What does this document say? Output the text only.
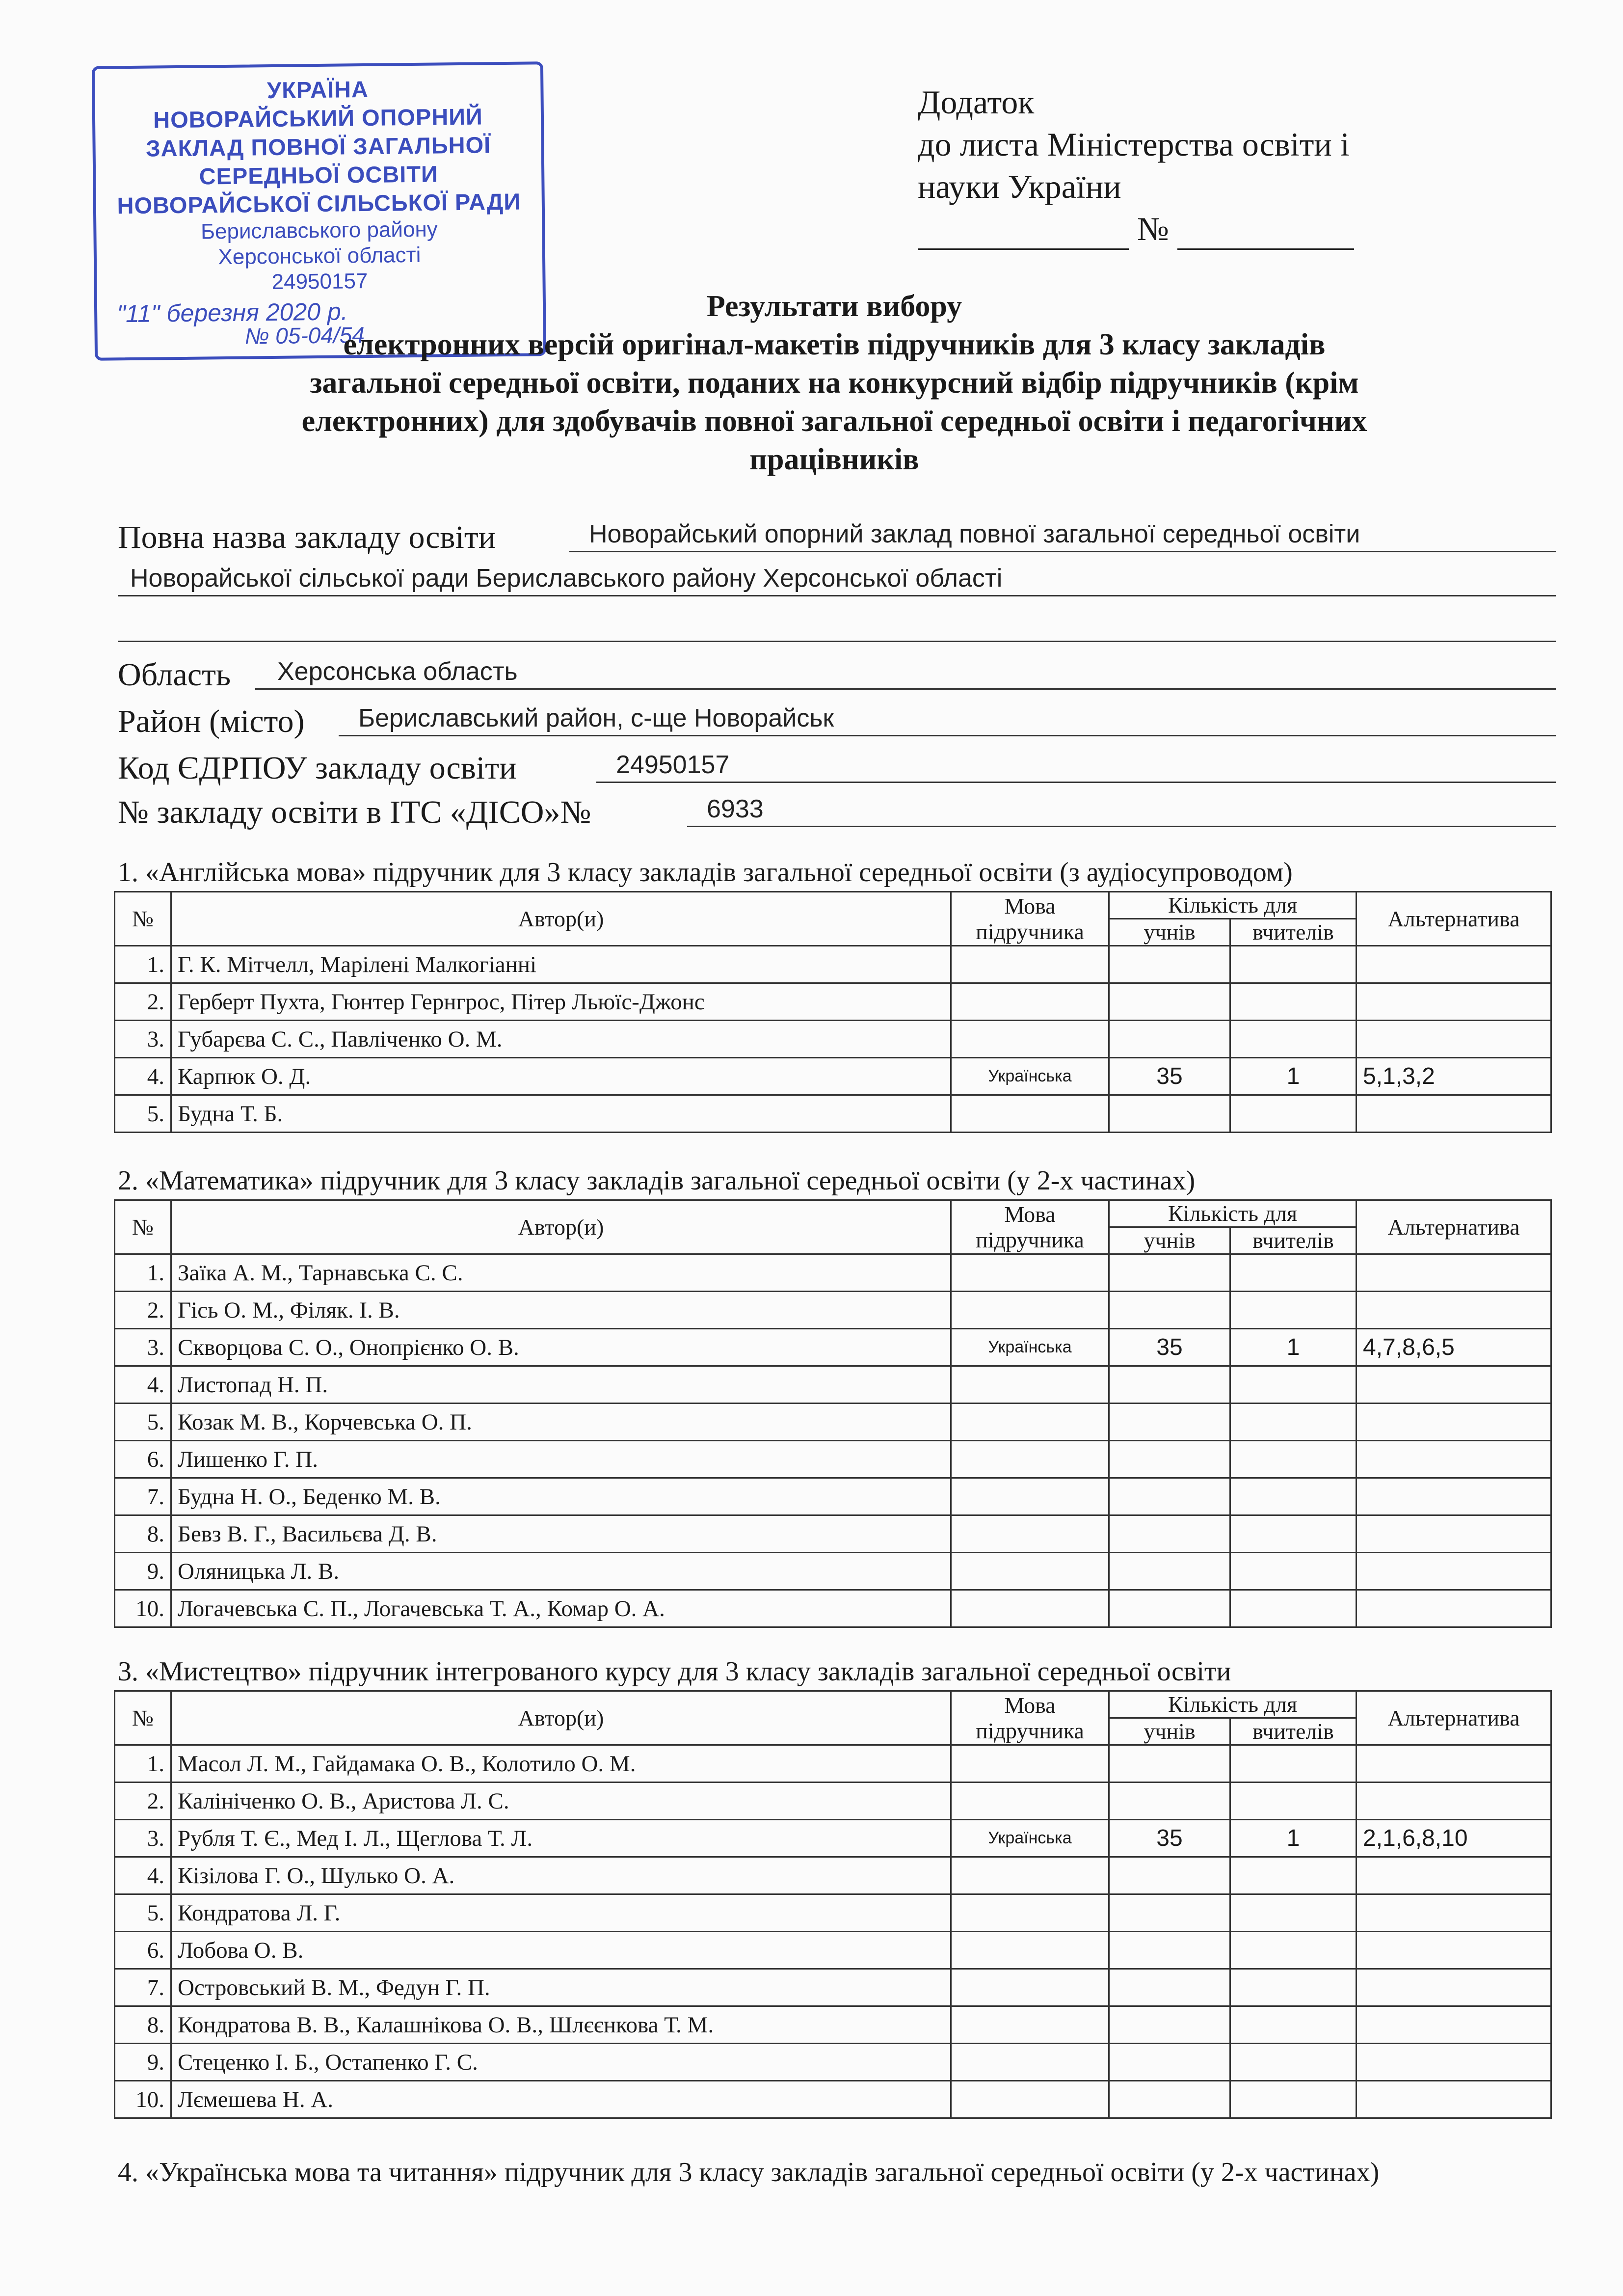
УКРАЇНА
НОВОРАЙСЬКИЙ ОПОРНИЙ
ЗАКЛАД ПОВНОЇ ЗАГАЛЬНОЇ
СЕРЕДНЬОЇ ОСВІТИ
НОВОРАЙСЬКОЇ СІЛЬСЬКОЇ РАДИ
Бериславського району
Херсонської області
24950157
"11" березня 2020 р.
№ 05-04/54
Додаток
до листа Міністерства освіти і
науки України
№
Результати вибору
електронних версій оригінал-макетів підручників для 3 класу закладів
загальної середньої освіти, поданих на конкурсний відбір підручників (крім
електронних) для здобувачів повної загальної середньої освіти і педагогічних
працівників
Повна назва закладу освіти	Новорайський опорний заклад повної загальної середньої освіти
Новорайської сільської ради Бериславського району Херсонської області
Область Херсонська область
Район (місто) Бериславський район, с-ще Новорайськ
Код ЄДРПОУ закладу освіти	24950157
№ закладу освіти в ІТС «ДІСО»№	6933
1. «Англійська мова» підручник для 3 класу закладів загальної середньої освіти (з аудіосупроводом)
№	Автор(и)	Мова
підручника	Кількість для		Альтернатива
			учнів	вчителів	
1.	Г. К. Мітчелл, Марілені Малкогіанні				
2.	Герберт Пухта, Гюнтер Гернгрос, Пітер Льюїс-Джонс				
3.	Губарєва С. С., Павліченко О. М.				
4.	Карпюк О. Д.	Українська	35	1	5,1,3,2
5.	Будна Т. Б.				
2. «Математика» підручник для 3 класу закладів загальної середньої освіти (у 2-х частинах)
№	Автор(и)	Мова
підручника	Кількість для		Альтернатива
			учнів	вчителів	
1.	Заїка А. М., Тарнавська С. С.				
2.	Гісь О. М., Філяк. І. В.				
3.	Скворцова С. О., Онопрієнко О. В.	Українська	35	1	4,7,8,6,5
4.	Листопад Н. П.				
5.	Козак М. В., Корчевська О. П.				
6.	Лишенко Г. П.				
7.	Будна Н. О., Беденко М. В.				
8.	Бевз В. Г., Васильєва Д. В.				
9.	Оляницька Л. В.				
10.	Логачевська С. П., Логачевська Т. А., Комар О. А.				
3. «Мистецтво» підручник інтегрованого курсу для 3 класу закладів загальної середньої освіти
№	Автор(и)	Мова
підручника	Кількість для		Альтернатива
			учнів	вчителів	
1.	Масол Л. М., Гайдамака О. В., Колотило О. М.				
2.	Калініченко О. В., Аристова Л. С.				
3.	Рубля Т. Є., Мед І. Л., Щеглова Т. Л.	Українська	35	1	2,1,6,8,10
4.	Кізілова Г. О., Шулько О. А.				
5.	Кондратова Л. Г.				
6.	Лобова О. В.				
7.	Островський В. М., Федун Г. П.				
8.	Кондратова В. В., Калашнікова О. В., Шлєєнкова Т. М.				
9.	Стеценко І. Б., Остапенко Г. С.				
10.	Лємешева Н. А.				
4. «Українська мова та читання» підручник для 3 класу закладів загальної середньої освіти (у 2-х частинах)
